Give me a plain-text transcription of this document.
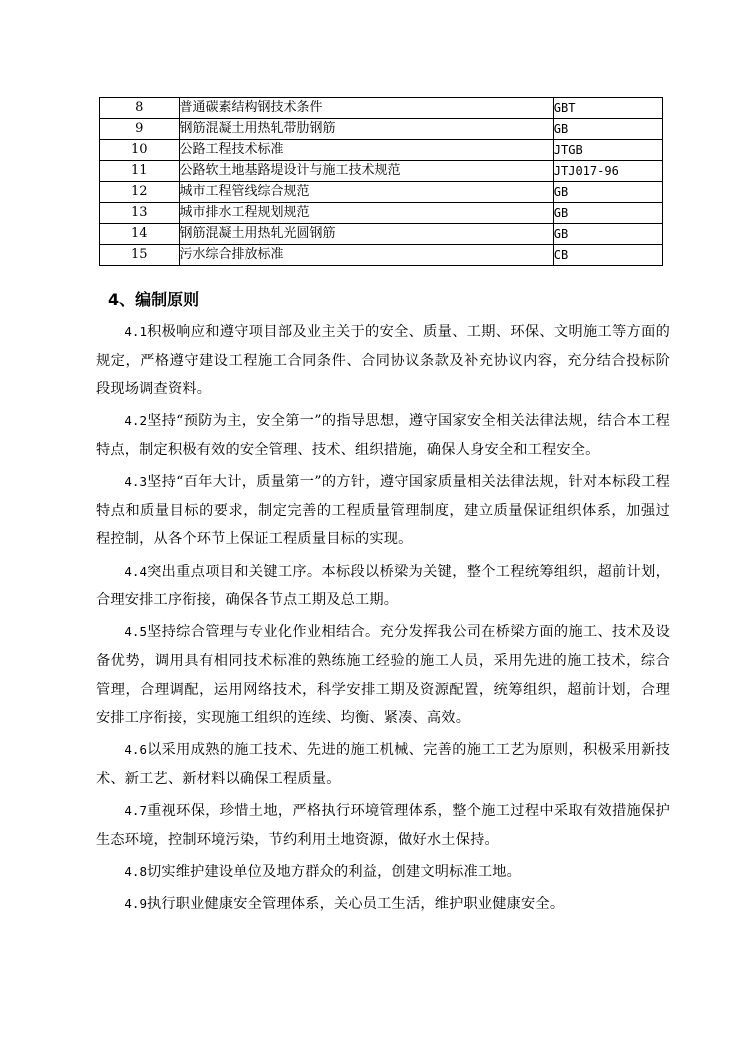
8	普通碳素结构钢技术条件	GBT
9	钢筋混凝土用热轧带肋钢筋	GB
10	公路工程技术标准	JTGB
11	公路软土地基路堤设计与施工技术规范	JTJ017-96
12	城市工程管线综合规范	GB
13	城市排水工程规划规范	GB
14	钢筋混凝土用热轧光圆钢筋	GB
15	污水综合排放标准	CB
4、编制原则

4.1积极响应和遵守项目部及业主关于的安全、质量、工期、环保、文明施工等方面的规定，严格遵守建设工程施工合同条件、合同协议条款及补充协议内容，充分结合投标阶段现场调查资料。

4.2坚持“预防为主，安全第一”的指导思想，遵守国家安全相关法律法规，结合本工程特点，制定积极有效的安全管理、技术、组织措施，确保人身安全和工程安全。

4.3坚持“百年大计，质量第一”的方针，遵守国家质量相关法律法规，针对本标段工程特点和质量目标的要求，制定完善的工程质量管理制度，建立质量保证组织体系，加强过程控制，从各个环节上保证工程质量目标的实现。

4.4突出重点项目和关键工序。本标段以桥梁为关键，整个工程统筹组织，超前计划，合理安排工序衔接，确保各节点工期及总工期。

4.5坚持综合管理与专业化作业相结合。充分发挥我公司在桥梁方面的施工、技术及设备优势，调用具有相同技术标准的熟练施工经验的施工人员，采用先进的施工技术，综合管理，合理调配，运用网络技术，科学安排工期及资源配置，统筹组织，超前计划，合理安排工序衔接，实现施工组织的连续、均衡、紧凑、高效。

4.6以采用成熟的施工技术、先进的施工机械、完善的施工工艺为原则，积极采用新技术、新工艺、新材料以确保工程质量。

4.7重视环保，珍惜土地，严格执行环境管理体系，整个施工过程中采取有效措施保护生态环境，控制环境污染，节约利用土地资源，做好水土保持。

4.8切实维护建设单位及地方群众的利益，创建文明标准工地。

4.9执行职业健康安全管理体系，关心员工生活，维护职业健康安全。
